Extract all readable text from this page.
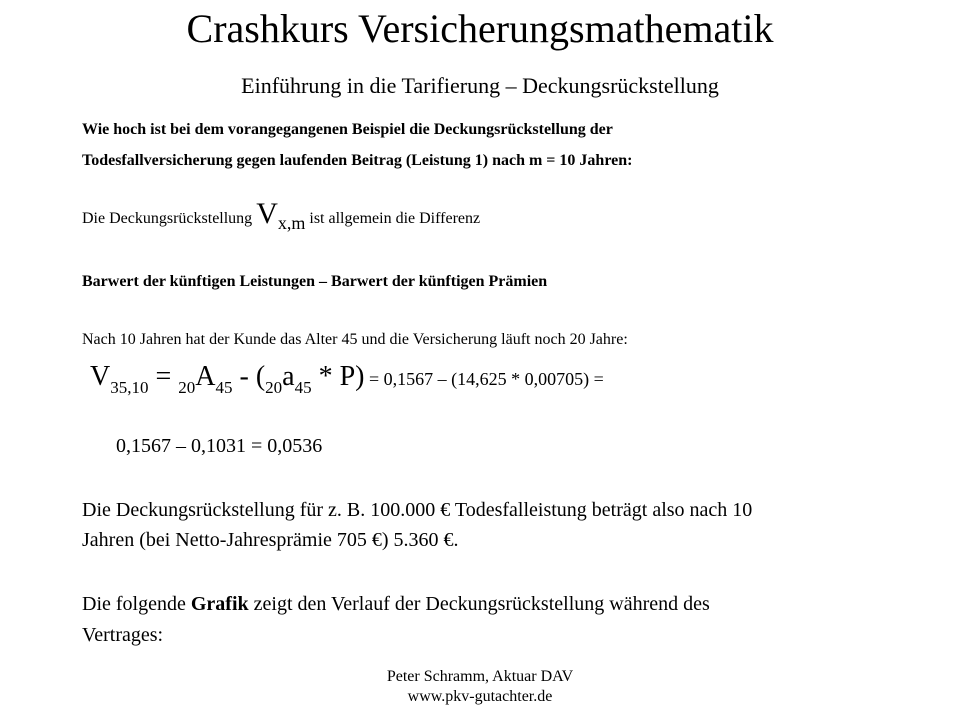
Crashkurs Versicherungsmathematik
Einführung in die Tarifierung – Deckungsrückstellung
Wie hoch ist bei dem vorangegangenen Beispiel die Deckungsrückstellung der
Todesfallversicherung gegen laufenden Beitrag (Leistung 1) nach m = 10 Jahren:
Die Deckungsrückstellung Vx,m ist allgemein die Differenz
Barwert der künftigen Leistungen – Barwert der künftigen Prämien
Nach 10 Jahren hat der Kunde das Alter 45 und die Versicherung läuft noch 20 Jahre:
$V_{35,10} = _{20}A_{45} - (_{20}a_{45} * P) = 0,1567 - (14,625 * 0,00705)$ =
0,1567 – 0,1031 = 0,0536
Die Deckungsrückstellung für z. B. 100.000 € Todesfalleistung beträgt also nach 10
Jahren (bei Netto-Jahresprämie 705 €) 5.360 €.
Die folgende Grafik zeigt den Verlauf der Deckungsrückstellung während des
Vertrages:
Peter Schramm, Aktuar DAV
www.pkv-gutachter.de
